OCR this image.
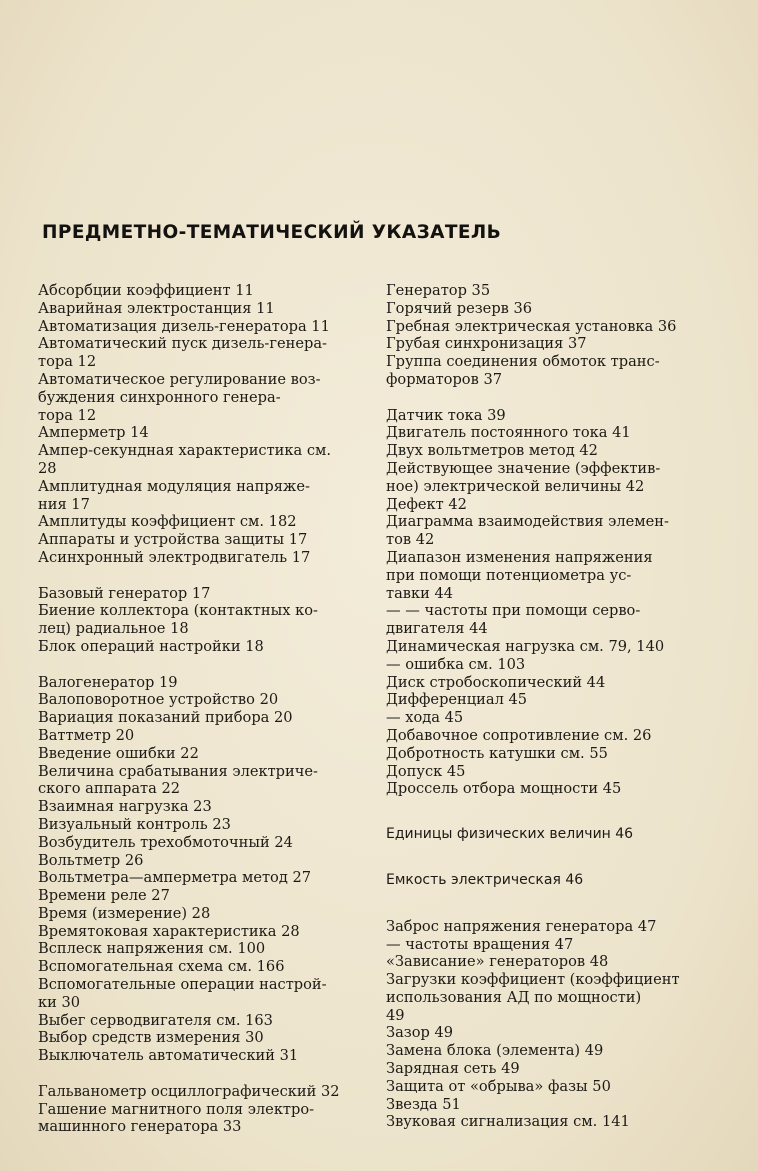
ПРЕДМЕТНО-ТЕМАТИЧЕСКИЙ УКАЗАТЕЛЬ
Абсорбции коэффициент 11
Аварийная электростанция 11
Автоматизация дизель-генератора 11
Автоматический пуск дизель-генера-
тора 12
Автоматическое регулирование воз-
буждения синхронного генера-
тора 12
Амперметр 14
Ампер-секундная характеристика см.
28
Амплитудная модуляция напряже-
ния 17
Амплитуды коэффициент см. 182
Аппараты и устройства защиты 17
Асинхронный электродвигатель 17
Базовый генератор 17
Биение коллектора (контактных ко-
лец) радиальное 18
Блок операций настройки 18
Валогенератор 19
Валоповоротное устройство 20
Вариация показаний прибора 20
Ваттметр 20
Введение ошибки 22
Величина срабатывания электриче-
ского аппарата 22
Взаимная нагрузка 23
Визуальный контроль 23
Возбудитель трехобмоточный 24
Вольтметр 26
Вольтметра—амперметра метод 27
Времени реле 27
Время (измерение) 28
Времятоковая характеристика 28
Всплеск напряжения см. 100
Вспомогательная схема см. 166
Вспомогательные операции настрой-
ки 30
Выбег серводвигателя см. 163
Выбор средств измерения 30
Выключатель автоматический 31
Гальванометр осциллографический 32
Гашение магнитного поля электро-
машинного генератора 33
Генератор 35
Горячий резерв 36
Гребная электрическая установка 36
Грубая синхронизация 37
Группа соединения обмоток транс-
форматоров 37
Датчик тока 39
Двигатель постоянного тока 41
Двух вольтметров метод 42
Действующее значение (эффектив-
ное) электрической величины 42
Дефект 42
Диаграмма взаимодействия элемен-
тов 42
Диапазон изменения напряжения
при помощи потенциометра ус-
тавки 44
— — частоты при помощи серво-
двигателя 44
Динамическая нагрузка см. 79, 140
— ошибка см. 103
Диск стробоскопический 44
Дифференциал 45
— хода 45
Добавочное сопротивление см. 26
Добротность катушки см. 55
Допуск 45
Дроссель отбора мощности 45
Единицы физических величин 46
Емкость электрическая 46
Заброс напряжения генератора 47
— частоты вращения 47
«Зависание» генераторов 48
Загрузки коэффициент (коэффициент
использования АД по мощности)
49
Зазор 49
Замена блока (элемента) 49
Зарядная сеть 49
Защита от «обрыва» фазы 50
Звезда 51
Звуковая сигнализация см. 141
